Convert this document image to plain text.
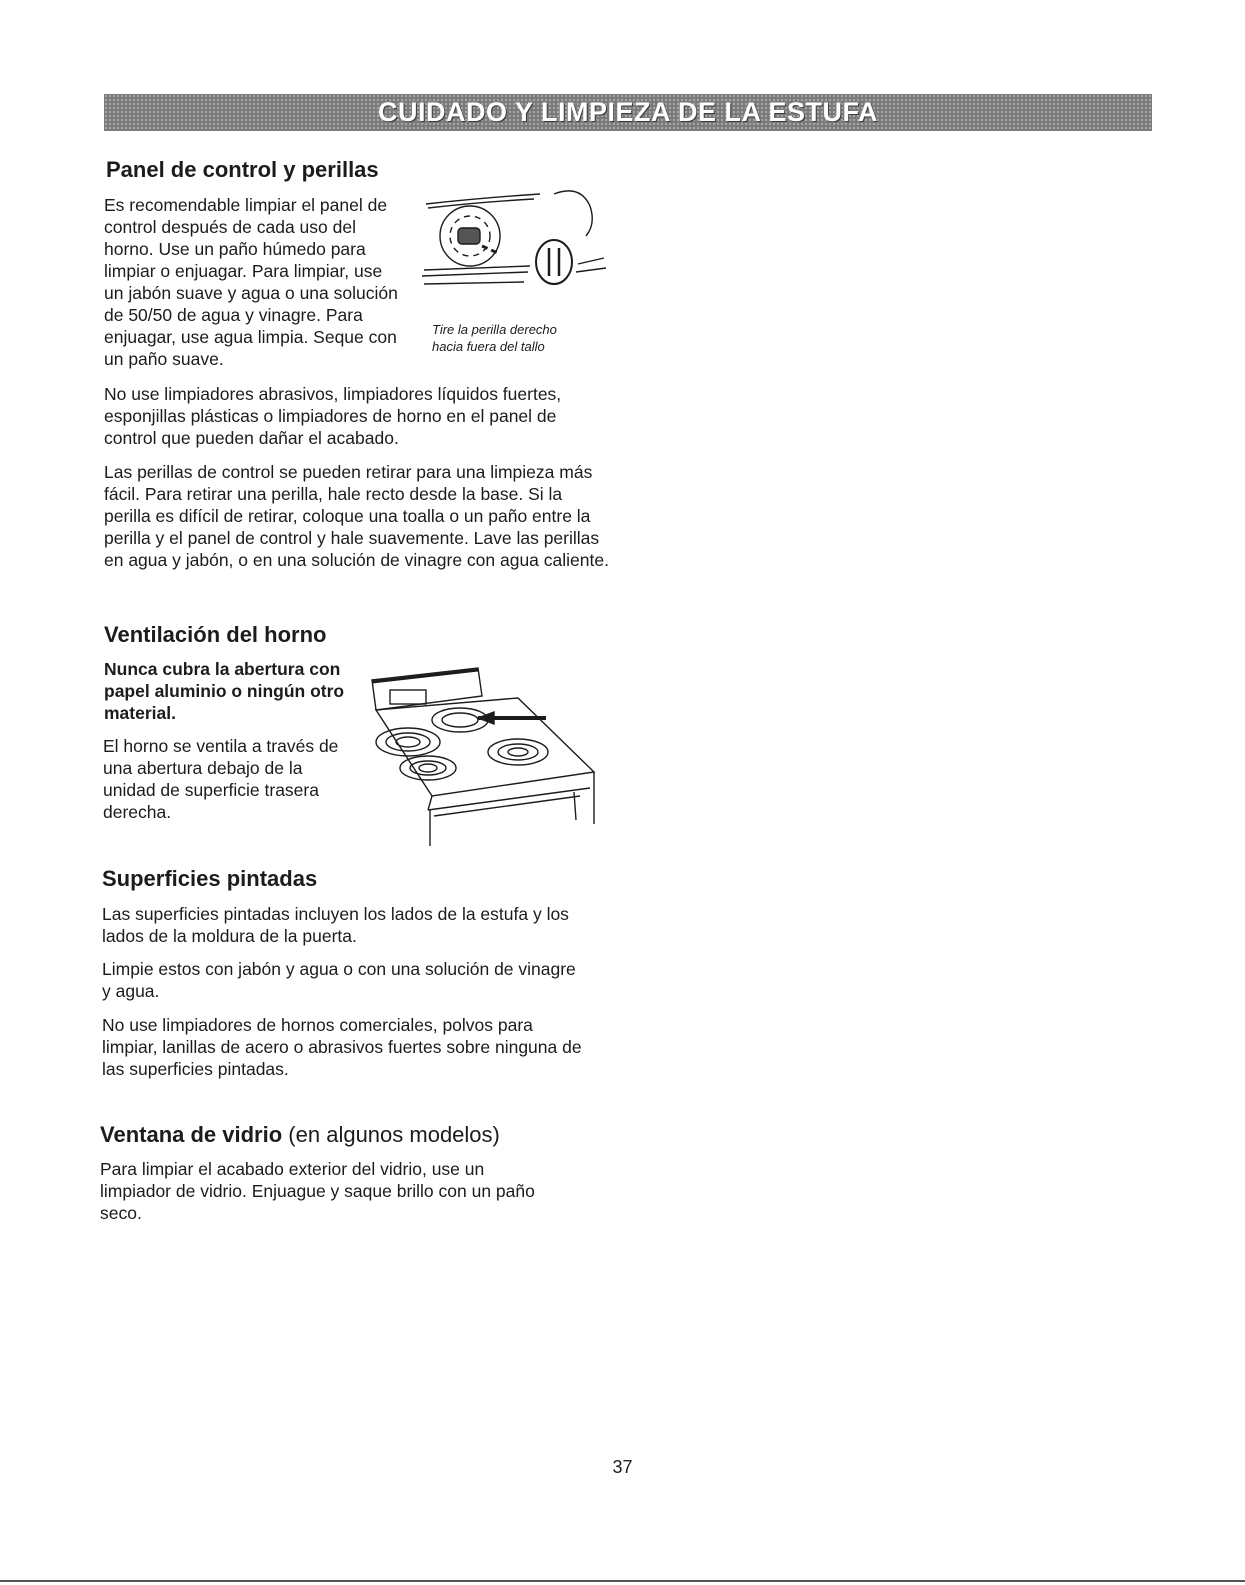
CUIDADO Y LIMPIEZA DE LA ESTUFA
Panel de control y perillas

Es recomendable limpiar el panel de control después de cada uso del horno. Use un paño húmedo para limpiar o enjuagar. Para limpiar, use un jabón suave y agua o una solución de 50/50 de agua y vinagre. Para enjuagar, use agua limpia. Seque con un paño suave.

Tire la perilla derecho

hacia fuera del tallo

No use limpiadores abrasivos, limpiadores líquidos fuertes, esponjillas plásticas o limpiadores de horno en el panel de control que pueden dañar el acabado.

Las perillas de control se pueden retirar para una limpieza más fácil. Para retirar una perilla, hale recto desde la base. Si la perilla es difícil de retirar, coloque una toalla o un paño entre la perilla y el panel de control y hale suavemente. Lave las perillas en agua y jabón, o en una solución de vinagre con agua caliente.

Ventilación del horno

Nunca cubra la abertura con papel aluminio o ningún otro material.

El horno se ventila a través de una abertura debajo de la unidad de superficie trasera derecha.

Superficies pintadas

Las superficies pintadas incluyen los lados de la estufa y los lados de la moldura de la puerta.

Limpie estos con jabón y agua o con una solución de vinagre y agua.

No use limpiadores de hornos comerciales, polvos para limpiar, lanillas de acero o abrasivos fuertes sobre ninguna de las superficies pintadas.

Ventana de vidrio (en algunos modelos)

Para limpiar el acabado exterior del vidrio, use un limpiador de vidrio. Enjuague y saque brillo con un paño seco.

37
